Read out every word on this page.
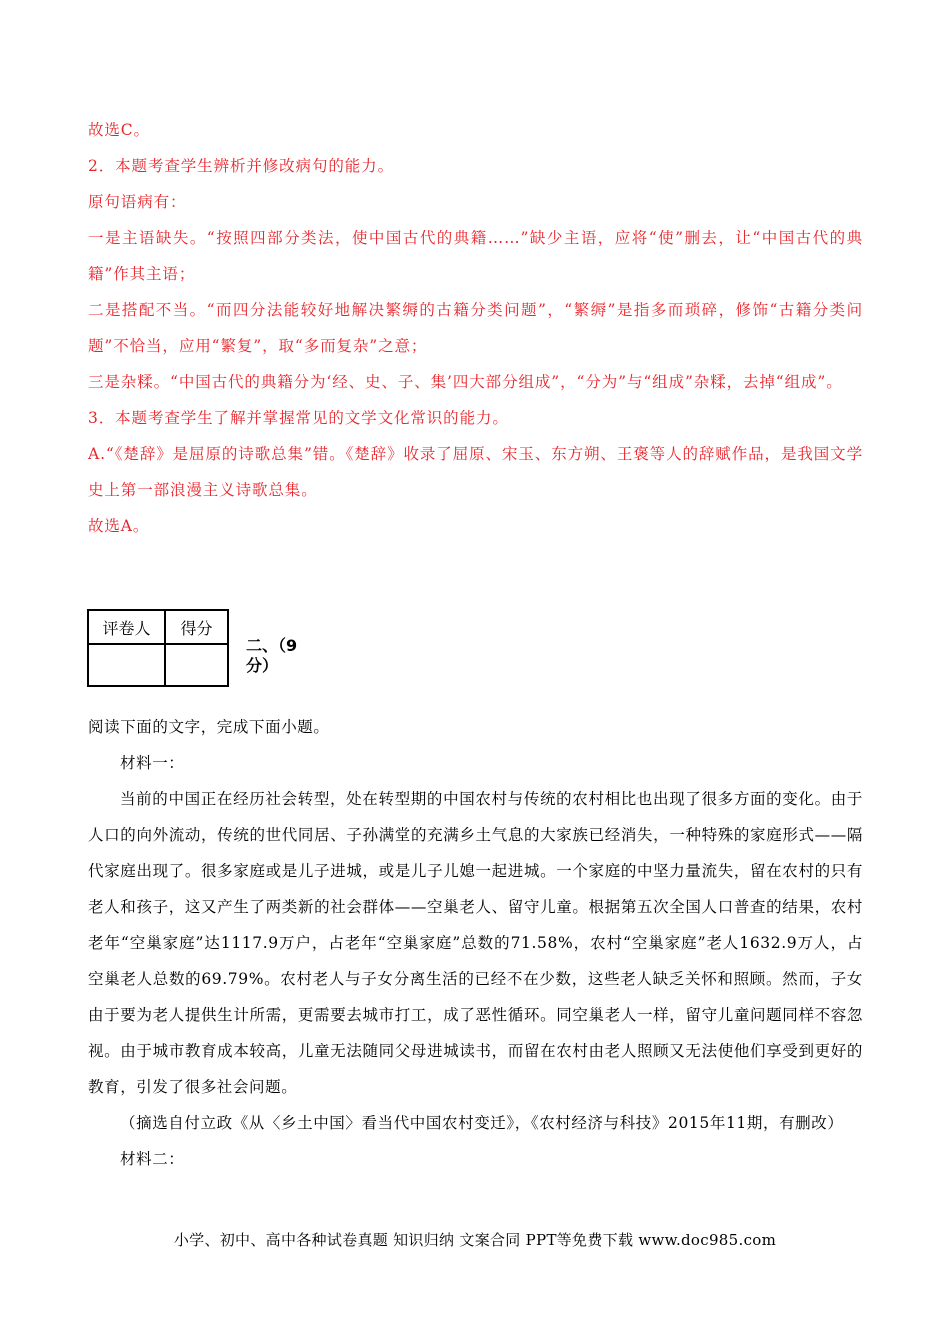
故选C。

2．本题考查学生辨析并修改病句的能力。

原句语病有：

一是主语缺失。“按照四部分类法，使中国古代的典籍……”缺少主语，应将“使”删去，让“中国古代的典籍”作其主语；

二是搭配不当。“而四分法能较好地解决繁缛的古籍分类问题”，“繁缛”是指多而琐碎，修饰“古籍分类问题”不恰当，应用“繁复”，取“多而复杂”之意；

三是杂糅。“中国古代的典籍分为‘经、史、子、集’四大部分组成”，“分为”与“组成”杂糅，去掉“组成”。

3．本题考查学生了解并掌握常见的文学文化常识的能力。

A.“《楚辞》是屈原的诗歌总集”错。《楚辞》收录了屈原、宋玉、东方朔、王褒等人的辞赋作品，是我国文学史上第一部浪漫主义诗歌总集。

故选A。

评卷人	得分

二、（9分）

阅读下面的文字，完成下面小题。

材料一：

当前的中国正在经历社会转型，处在转型期的中国农村与传统的农村相比也出现了很多方面的变化。由于人口的向外流动，传统的世代同居、子孙满堂的充满乡土气息的大家族已经消失，一种特殊的家庭形式——隔代家庭出现了。很多家庭或是儿子进城，或是儿子儿媳一起进城。一个家庭的中坚力量流失，留在农村的只有老人和孩子，这又产生了两类新的社会群体——空巢老人、留守儿童。根据第五次全国人口普查的结果，农村老年“空巢家庭”达1117.9万户，占老年“空巢家庭”总数的71.58%，农村“空巢家庭”老人1632.9万人，占空巢老人总数的69.79%。农村老人与子女分离生活的已经不在少数，这些老人缺乏关怀和照顾。然而，子女由于要为老人提供生计所需，更需要去城市打工，成了恶性循环。同空巢老人一样，留守儿童问题同样不容忽视。由于城市教育成本较高，儿童无法随同父母进城读书，而留在农村由老人照顾又无法使他们享受到更好的教育，引发了很多社会问题。

（摘选自付立政《从〈乡土中国〉看当代中国农村变迁》，《农村经济与科技》2015年11期，有删改）

材料二：

小学、初中、高中各种试卷真题 知识归纳 文案合同 PPT等免费下载 www.doc985.com
